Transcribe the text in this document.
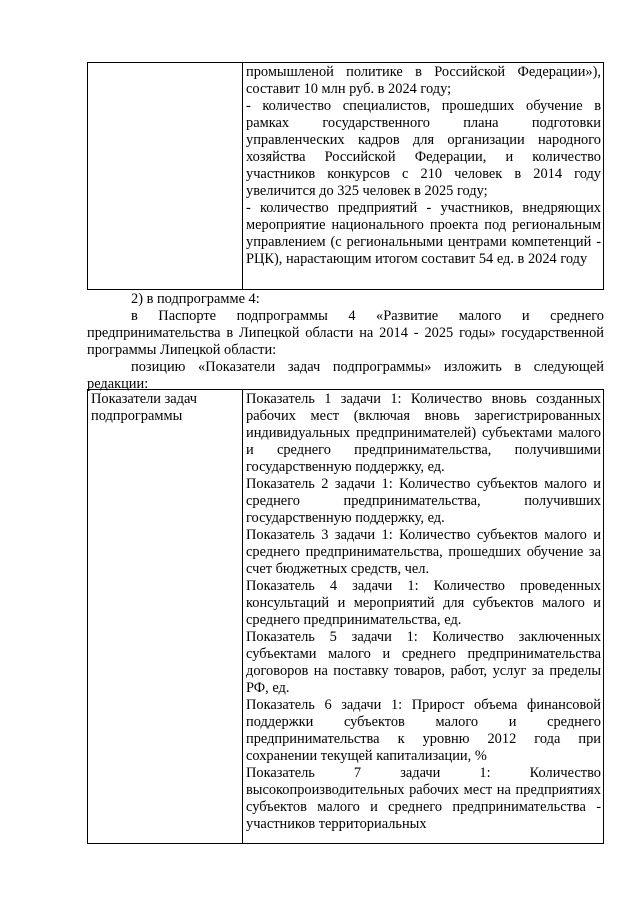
промышленой политике в Российской Федерации»), составит 10 млн руб. в 2024 году;

- количество специалистов, прошедших обучение в рамках государственного плана подготовки управленческих кадров для организации народного хозяйства Российской Федерации, и количество участников конкурсов с 210 человек в 2014 году увеличится до 325 человек в 2025 году;

- количество предприятий - участников, внедряющих мероприятие национального проекта под региональным управлением (с региональными центрами компетенций - РЦК), нарастающим итогом составит 54 ед. в 2024 году

2) в подпрограмме 4:

в Паспорте подпрограммы 4 «Развитие малого и среднего предпринимательства в Липецкой области на 2014 - 2025 годы» государственной программы Липецкой области:

позицию «Показатели задач подпрограммы» изложить в следующей редакции:

Показатели задач подпрограммы

Показатель 1 задачи 1: Количество вновь созданных рабочих мест (включая вновь зарегистрированных индивидуальных предпринимателей) субъектами малого и среднего предпринимательства, получившими государственную поддержку, ед.

Показатель 2 задачи 1: Количество субъектов малого и среднего предпринимательства, получивших государственную поддержку, ед.

Показатель 3 задачи 1: Количество субъектов малого и среднего предпринимательства, прошедших обучение за счет бюджетных средств, чел.

Показатель 4 задачи 1: Количество проведенных консультаций и мероприятий для субъектов малого и среднего предпринимательства, ед.

Показатель 5 задачи 1: Количество заключенных субъектами малого и среднего предпринимательства договоров на поставку товаров, работ, услуг за пределы РФ, ед.

Показатель 6 задачи 1: Прирост объема финансовой поддержки субъектов малого и среднего предпринимательства к уровню 2012 года при сохранении текущей капитализации, %

Показатель 7 задачи 1: Количество высокопроизводительных рабочих мест на предприятиях субъектов малого и среднего предпринимательства - участников территориальных
